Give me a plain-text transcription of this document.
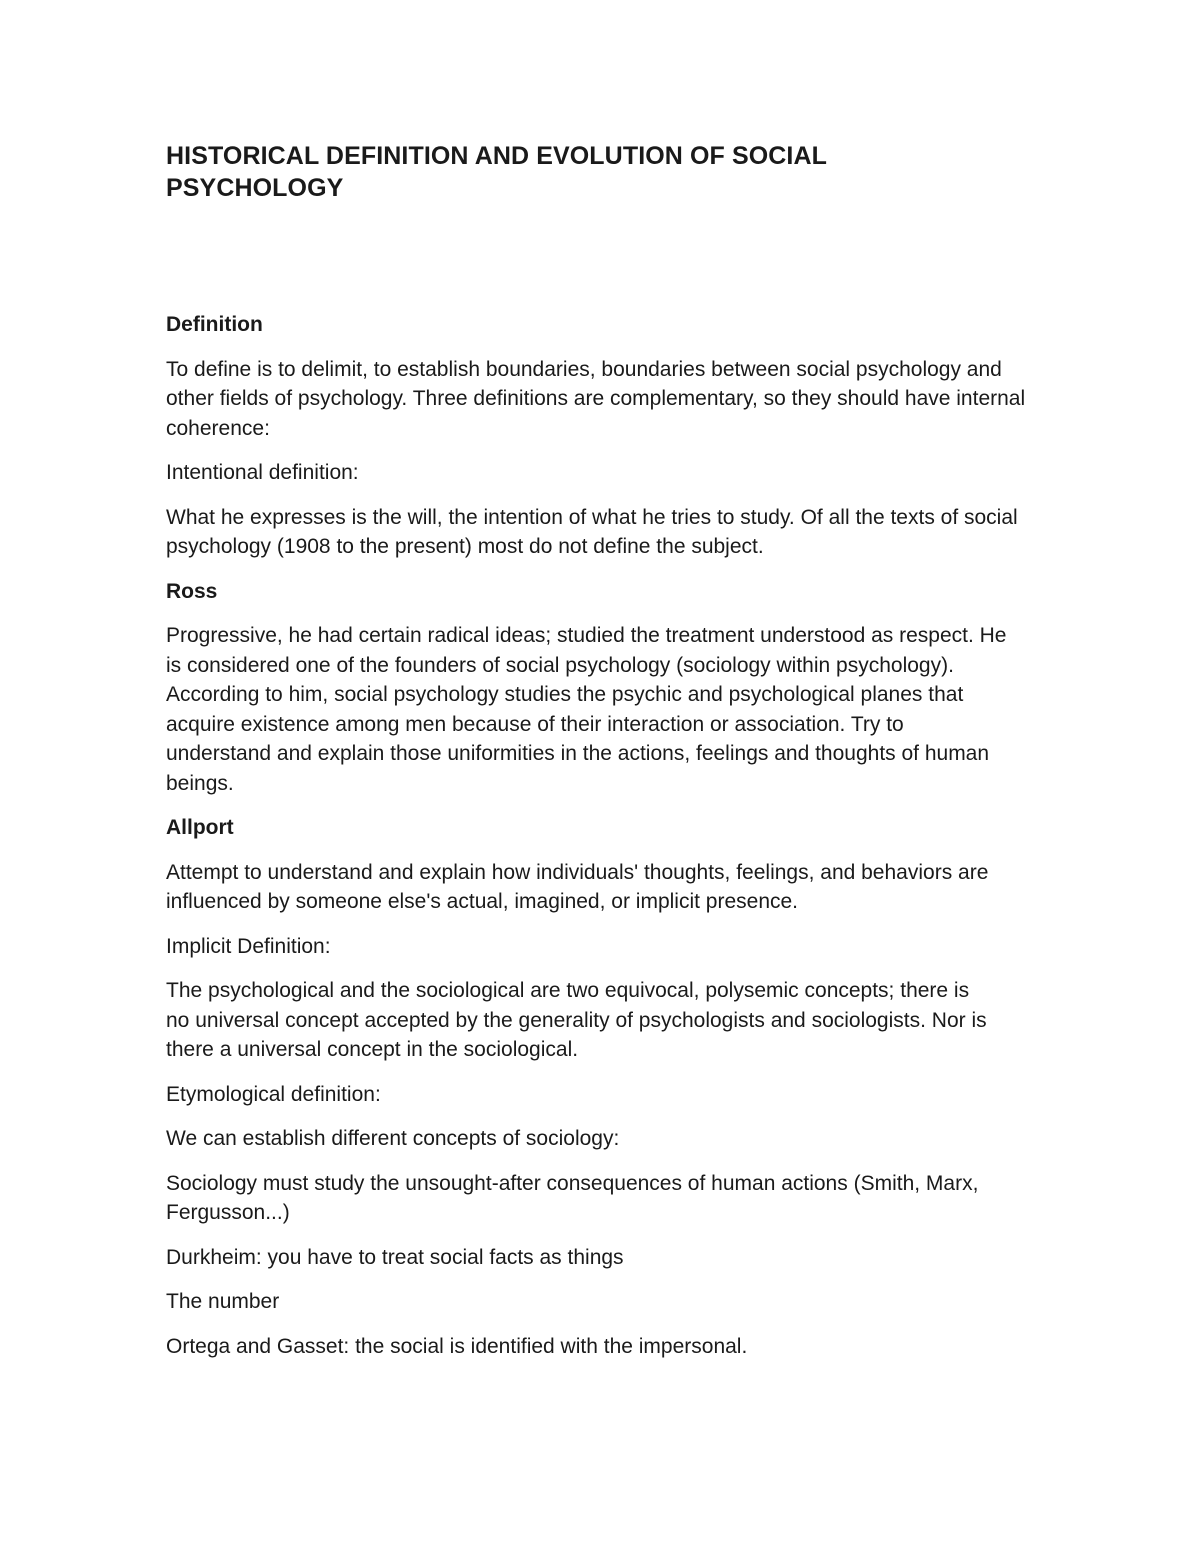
HISTORICAL DEFINITION AND EVOLUTION OF SOCIAL PSYCHOLOGY
Definition

To define is to delimit, to establish boundaries, boundaries between social psychology and other fields of psychology. Three definitions are complementary, so they should have internal coherence:

Intentional definition:

What he expresses is the will, the intention of what he tries to study. Of all the texts of social psychology (1908 to the present) most do not define the subject.

Ross

Progressive, he had certain radical ideas; studied the treatment understood as respect. He is considered one of the founders of social psychology (sociology within psychology). According to him, social psychology studies the psychic and psychological planes that acquire existence among men because of their interaction or association. Try to understand and explain those uniformities in the actions, feelings and thoughts of human beings.

Allport

Attempt to understand and explain how individuals' thoughts, feelings, and behaviors are influenced by someone else's actual, imagined, or implicit presence.

Implicit Definition:

The psychological and the sociological are two equivocal, polysemic concepts; there is no universal concept accepted by the generality of psychologists and sociologists. Nor is there a universal concept in the sociological.

Etymological definition:

We can establish different concepts of sociology:

Sociology must study the unsought-after consequences of human actions (Smith, Marx, Fergusson...)

Durkheim: you have to treat social facts as things

The number

Ortega and Gasset: the social is identified with the impersonal.
